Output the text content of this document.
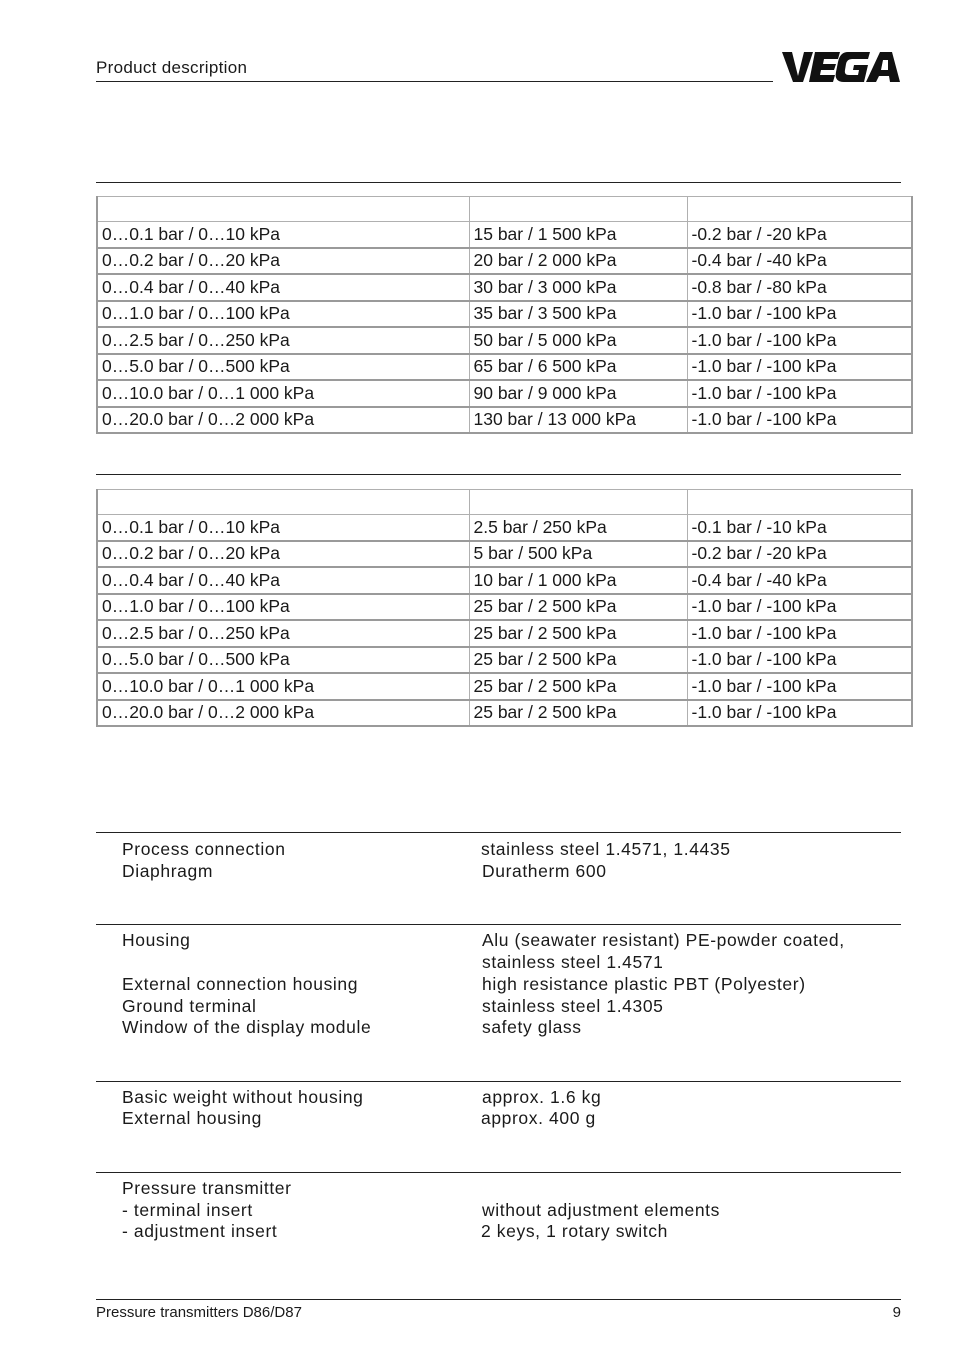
Product description

0…0.1 bar / 0…10 kPa	15 bar / 1 500 kPa	-0.2 bar / -20 kPa
0…0.2 bar / 0…20 kPa	20 bar / 2 000 kPa	-0.4 bar / -40 kPa
0…0.4 bar / 0…40 kPa	30 bar / 3 000 kPa	-0.8 bar / -80 kPa
0…1.0 bar / 0…100 kPa	35 bar / 3 500 kPa	-1.0 bar / -100 kPa
0…2.5 bar / 0…250 kPa	50 bar / 5 000 kPa	-1.0 bar / -100 kPa
0…5.0 bar / 0…500 kPa	65 bar / 6 500 kPa	-1.0 bar / -100 kPa
0…10.0 bar / 0…1 000 kPa	90 bar / 9 000 kPa	-1.0 bar / -100 kPa
0…20.0 bar / 0…2 000 kPa	130 bar / 13 000 kPa	-1.0 bar / -100 kPa

0…0.1 bar / 0…10 kPa	2.5 bar / 250 kPa	-0.1 bar / -10 kPa
0…0.2 bar / 0…20 kPa	5 bar / 500 kPa	-0.2 bar / -20 kPa
0…0.4 bar / 0…40 kPa	10 bar / 1 000 kPa	-0.4 bar / -40 kPa
0…1.0 bar / 0…100 kPa	25 bar / 2 500 kPa	-1.0 bar / -100 kPa
0…2.5 bar / 0…250 kPa	25 bar / 2 500 kPa	-1.0 bar / -100 kPa
0…5.0 bar / 0…500 kPa	25 bar / 2 500 kPa	-1.0 bar / -100 kPa
0…10.0 bar / 0…1 000 kPa	25 bar / 2 500 kPa	-1.0 bar / -100 kPa
0…20.0 bar / 0…2 000 kPa	25 bar / 2 500 kPa	-1.0 bar / -100 kPa
Process connection	stainless steel 1.4571, 1.4435
Diaphragm	Duratherm 600
Housing	Alu (seawater resistant) PE-powder coated,
stainless steel 1.4571
External connection housing	high resistance plastic PBT (Polyester)
Ground terminal	stainless steel 1.4305
Window of the display module	safety glass
Basic weight without housing	approx. 1.6 kg
External housing	approx. 400 g
Pressure transmitter
- terminal insert	without adjustment elements
- adjustment insert	2 keys, 1 rotary switch
Pressure transmitters D86/D87	9
